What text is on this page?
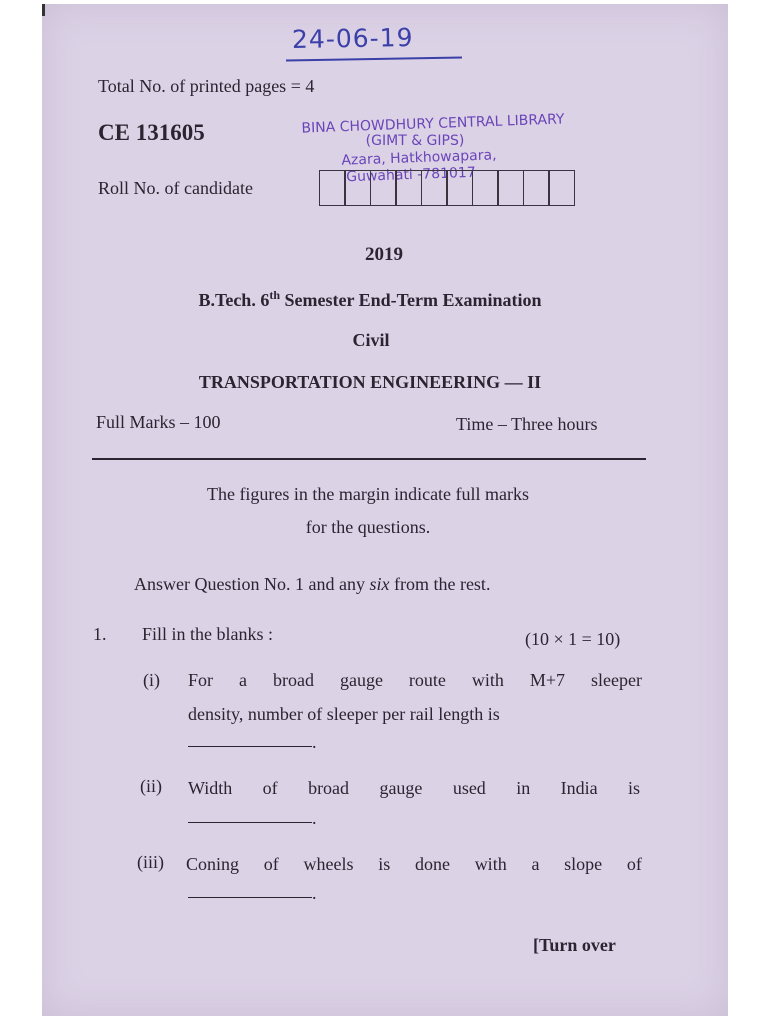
24-06-19
Total No. of printed pages = 4
CE 131605	BINA CHOWDHURY CENTRAL LIBRARY
(GIMT & GIPS)
Azara, Hatkhowapara,
Guwahati -781017
Roll No. of candidate
2019
B.Tech. 6th Semester End-Term Examination
Civil
TRANSPORTATION ENGINEERING — II
Full Marks – 100	Time – Three hours
The figures in the margin indicate full marks
for the questions.
Answer Question No. 1 and any six from the rest.
1. Fill in the blanks :	(10 × 1 = 10)
(i) For a broad gauge route with M+7 sleeper
density, number of sleeper per rail length is
.
(ii) Width of broad gauge used in India is
.
(iii) Coning of wheels is done with a slope of
.
[Turn over
